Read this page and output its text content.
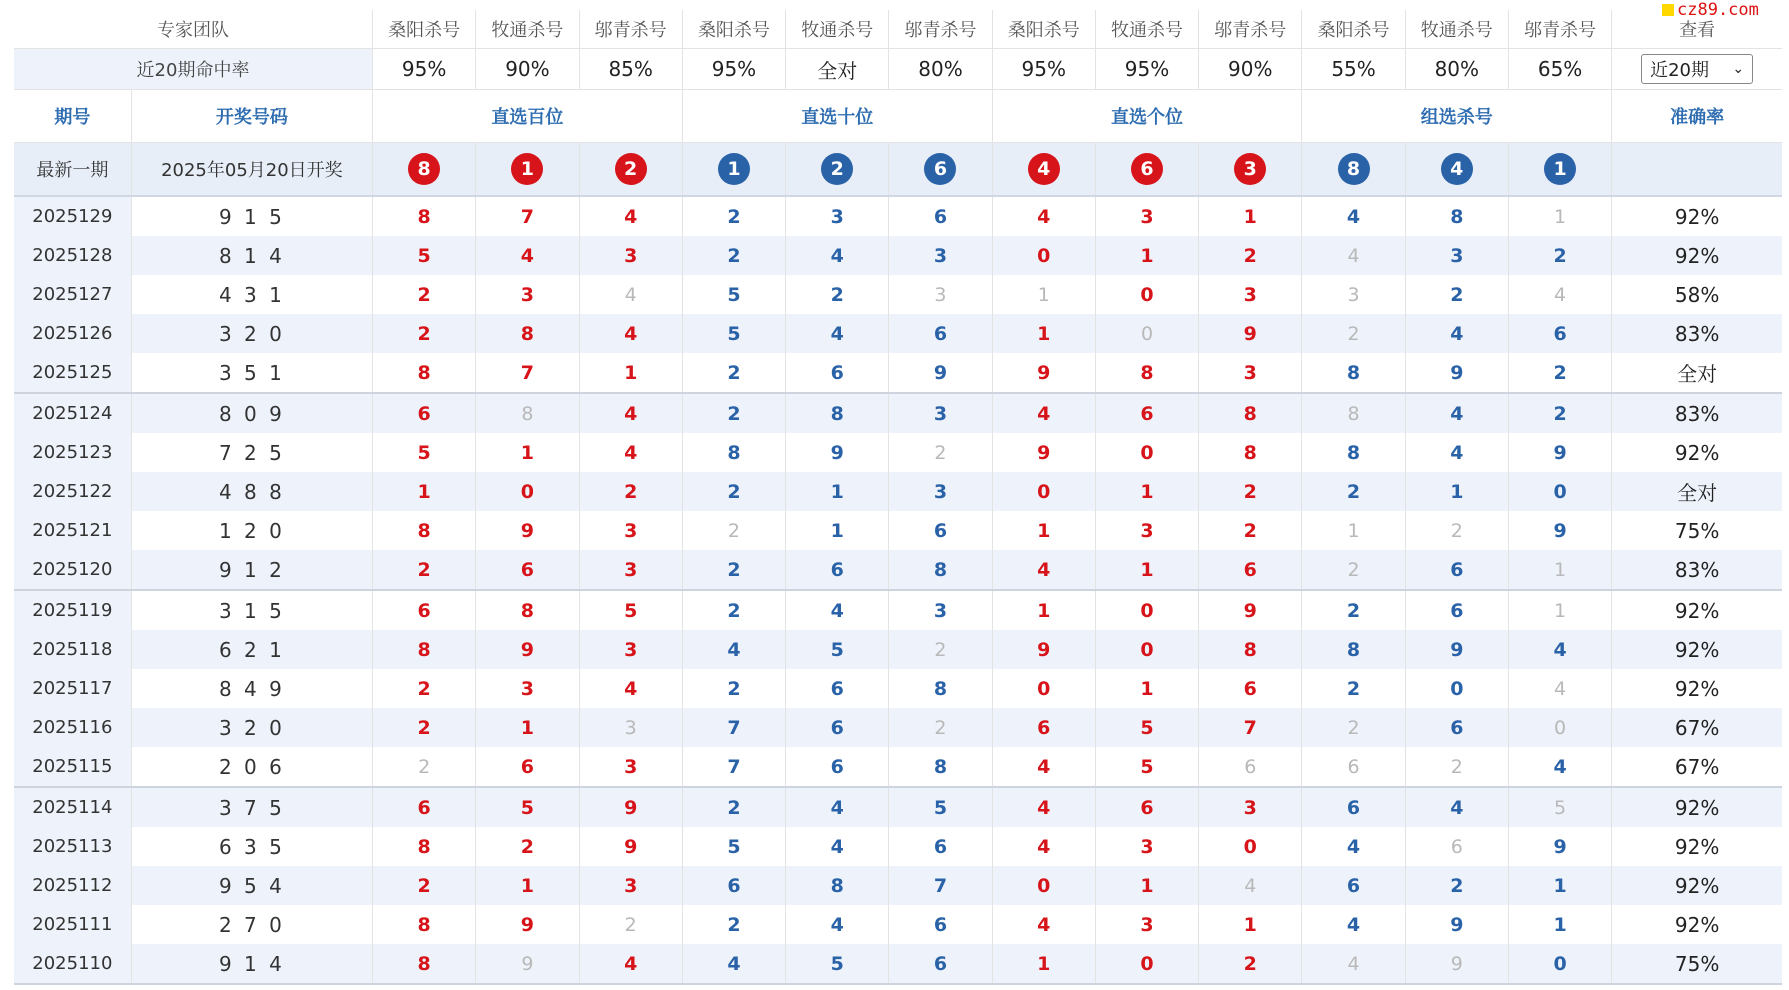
cz89.com
专家团队		桑阳杀号	牧通杀号	邬青杀号	桑阳杀号	牧通杀号	邬青杀号	桑阳杀号	牧通杀号	邬青杀号	桑阳杀号	牧通杀号	邬青杀号	查看
近20期命中率		95%	90%	85%	95%	全对	80%	95%	95%	90%	55%	80%	65%	近20期 ⌄

期号	开奖号码	直选百位			直选十位			直选个位			组选杀号			准确率
最新一期	2025年05月20日开奖	8	1	2	1	2	6	4	6	3	8	4	1	
2025129	9 1 5	8	7	4	2	3	6	4	3	1	4	8	1	92%
2025128	8 1 4	5	4	3	2	4	3	0	1	2	4	3	2	92%
2025127	4 3 1	2	3	4	5	2	3	1	0	3	3	2	4	58%
2025126	3 2 0	2	8	4	5	4	6	1	0	9	2	4	6	83%
2025125	3 5 1	8	7	1	2	6	9	9	8	3	8	9	2	全对
2025124	8 0 9	6	8	4	2	8	3	4	6	8	8	4	2	83%
2025123	7 2 5	5	1	4	8	9	2	9	0	8	8	4	9	92%
2025122	4 8 8	1	0	2	2	1	3	0	1	2	2	1	0	全对
2025121	1 2 0	8	9	3	2	1	6	1	3	2	1	2	9	75%
2025120	9 1 2	2	6	3	2	6	8	4	1	6	2	6	1	83%
2025119	3 1 5	6	8	5	2	4	3	1	0	9	2	6	1	92%
2025118	6 2 1	8	9	3	4	5	2	9	0	8	8	9	4	92%
2025117	8 4 9	2	3	4	2	6	8	0	1	6	2	0	4	92%
2025116	3 2 0	2	1	3	7	6	2	6	5	7	2	6	0	67%
2025115	2 0 6	2	6	3	7	6	8	4	5	6	6	2	4	67%
2025114	3 7 5	6	5	9	2	4	5	4	6	3	6	4	5	92%
2025113	6 3 5	8	2	9	5	4	6	4	3	0	4	6	9	92%
2025112	9 5 4	2	1	3	6	8	7	0	1	4	6	2	1	92%
2025111	2 7 0	8	9	2	2	4	6	4	3	1	4	9	1	92%
2025110	9 1 4	8	9	4	4	5	6	1	0	2	4	9	0	75%
